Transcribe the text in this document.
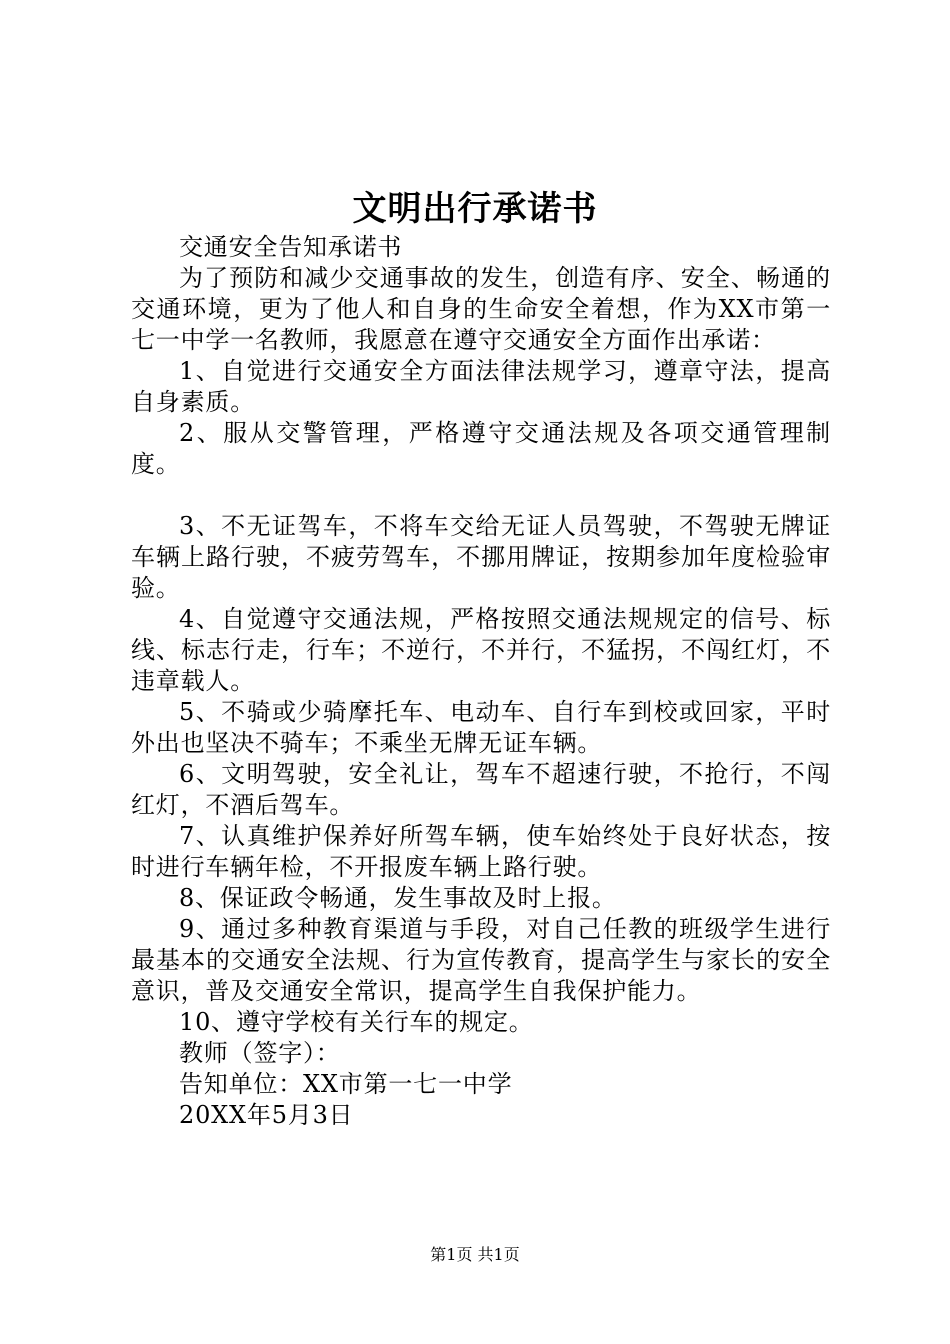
文明出行承诺书

交通安全告知承诺书

为了预防和减少交通事故的发生，创造有序、安全、畅通的交通环境，更为了他人和自身的生命安全着想，作为XX市第一七一中学一名教师，我愿意在遵守交通安全方面作出承诺：

1、自觉进行交通安全方面法律法规学习，遵章守法，提高自身素质。

2、服从交警管理，严格遵守交通法规及各项交通管理制度。

3、不无证驾车，不将车交给无证人员驾驶，不驾驶无牌证车辆上路行驶，不疲劳驾车，不挪用牌证，按期参加年度检验审验。

4、自觉遵守交通法规，严格按照交通法规规定的信号、标线、标志行走，行车；不逆行，不并行，不猛拐，不闯红灯，不违章载人。

5、不骑或少骑摩托车、电动车、自行车到校或回家，平时外出也坚决不骑车；不乘坐无牌无证车辆。

6、文明驾驶，安全礼让，驾车不超速行驶，不抢行，不闯红灯，不酒后驾车。

7、认真维护保养好所驾车辆，使车始终处于良好状态，按时进行车辆年检，不开报废车辆上路行驶。

8、保证政令畅通，发生事故及时上报。

9、通过多种教育渠道与手段，对自己任教的班级学生进行最基本的交通安全法规、行为宣传教育，提高学生与家长的安全意识，普及交通安全常识，提高学生自我保护能力。

10、遵守学校有关行车的规定。

教师（签字）：

告知单位：XX市第一七一中学

20XX年5月3日

第1页 共1页
